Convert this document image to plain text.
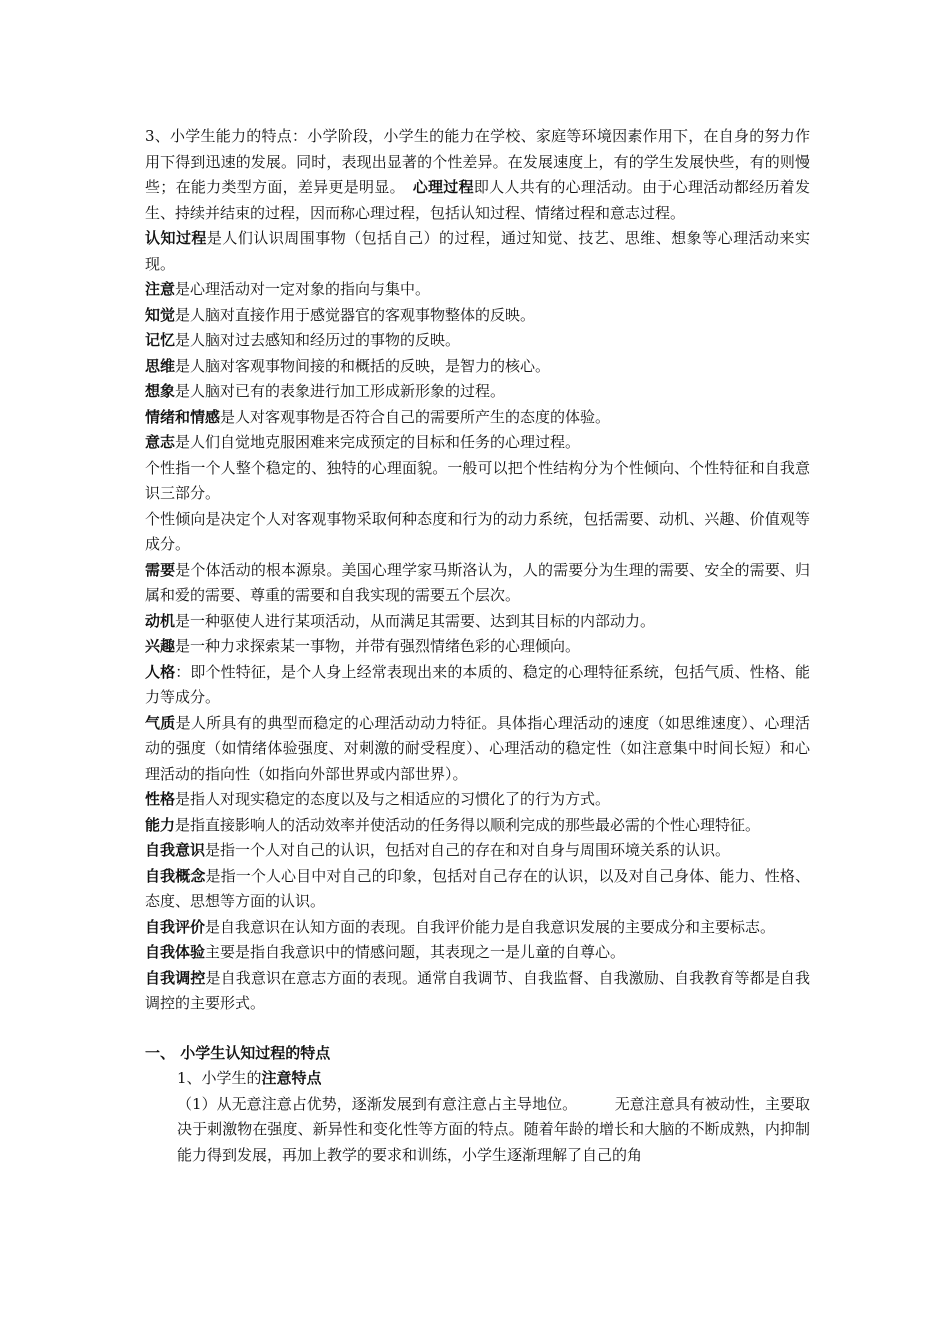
3、小学生能力的特点：小学阶段，小学生的能力在学校、家庭等环境因素作用下，在自身的努力作用下得到迅速的发展。同时，表现出显著的个性差异。在发展速度上，有的学生发展快些，有的则慢些；在能力类型方面，差异更是明显。　 心理过程即人人共有的心理活动。由于心理活动都经历着发生、持续并结束的过程，因而称心理过程，包括认知过程、情绪过程和意志过程。

认知过程是人们认识周围事物（包括自己）的过程，通过知觉、技艺、思维、想象等心理活动来实现。

注意是心理活动对一定对象的指向与集中。

知觉是人脑对直接作用于感觉器官的客观事物整体的反映。

记忆是人脑对过去感知和经历过的事物的反映。

思维是人脑对客观事物间接的和概括的反映，是智力的核心。

想象是人脑对已有的表象进行加工形成新形象的过程。

情绪和情感是人对客观事物是否符合自己的需要所产生的态度的体验。

意志是人们自觉地克服困难来完成预定的目标和任务的心理过程。

个性指一个人整个稳定的、独特的心理面貌。一般可以把个性结构分为个性倾向、个性特征和自我意识三部分。

个性倾向是决定个人对客观事物采取何种态度和行为的动力系统，包括需要、动机、兴趣、价值观等成分。

需要是个体活动的根本源泉。美国心理学家马斯洛认为，人的需要分为生理的需要、安全的需要、归属和爱的需要、尊重的需要和自我实现的需要五个层次。

动机是一种驱使人进行某项活动，从而满足其需要、达到其目标的内部动力。

兴趣是一种力求探索某一事物，并带有强烈情绪色彩的心理倾向。

人格：即个性特征，是个人身上经常表现出来的本质的、稳定的心理特征系统，包括气质、性格、能力等成分。

气质是人所具有的典型而稳定的心理活动动力特征。具体指心理活动的速度（如思维速度）、心理活动的强度（如情绪体验强度、对刺激的耐受程度）、心理活动的稳定性（如注意集中时间长短）和心理活动的指向性（如指向外部世界或内部世界）。

性格是指人对现实稳定的态度以及与之相适应的习惯化了的行为方式。

能力是指直接影响人的活动效率并使活动的任务得以顺利完成的那些最必需的个性心理特征。

自我意识是指一个人对自己的认识，包括对自己的存在和对自身与周围环境关系的认识。

自我概念是指一个人心目中对自己的印象，包括对自己存在的认识，以及对自己身体、能力、性格、态度、思想等方面的认识。

自我评价是自我意识在认知方面的表现。自我评价能力是自我意识发展的主要成分和主要标志。

自我体验主要是指自我意识中的情感问题，其表现之一是儿童的自尊心。

自我调控是自我意识在意志方面的表现。通常自我调节、自我监督、自我激励、自我教育等都是自我调控的主要形式。

一、 小学生认知过程的特点

1、小学生的注意特点

（1）从无意注意占优势，逐渐发展到有意注意占主导地位。　　　无意注意具有被动性，主要取决于刺激物在强度、新异性和变化性等方面的特点。随着年龄的增长和大脑的不断成熟，内抑制能力得到发展，再加上教学的要求和训练，小学生逐渐理解了自己的角
